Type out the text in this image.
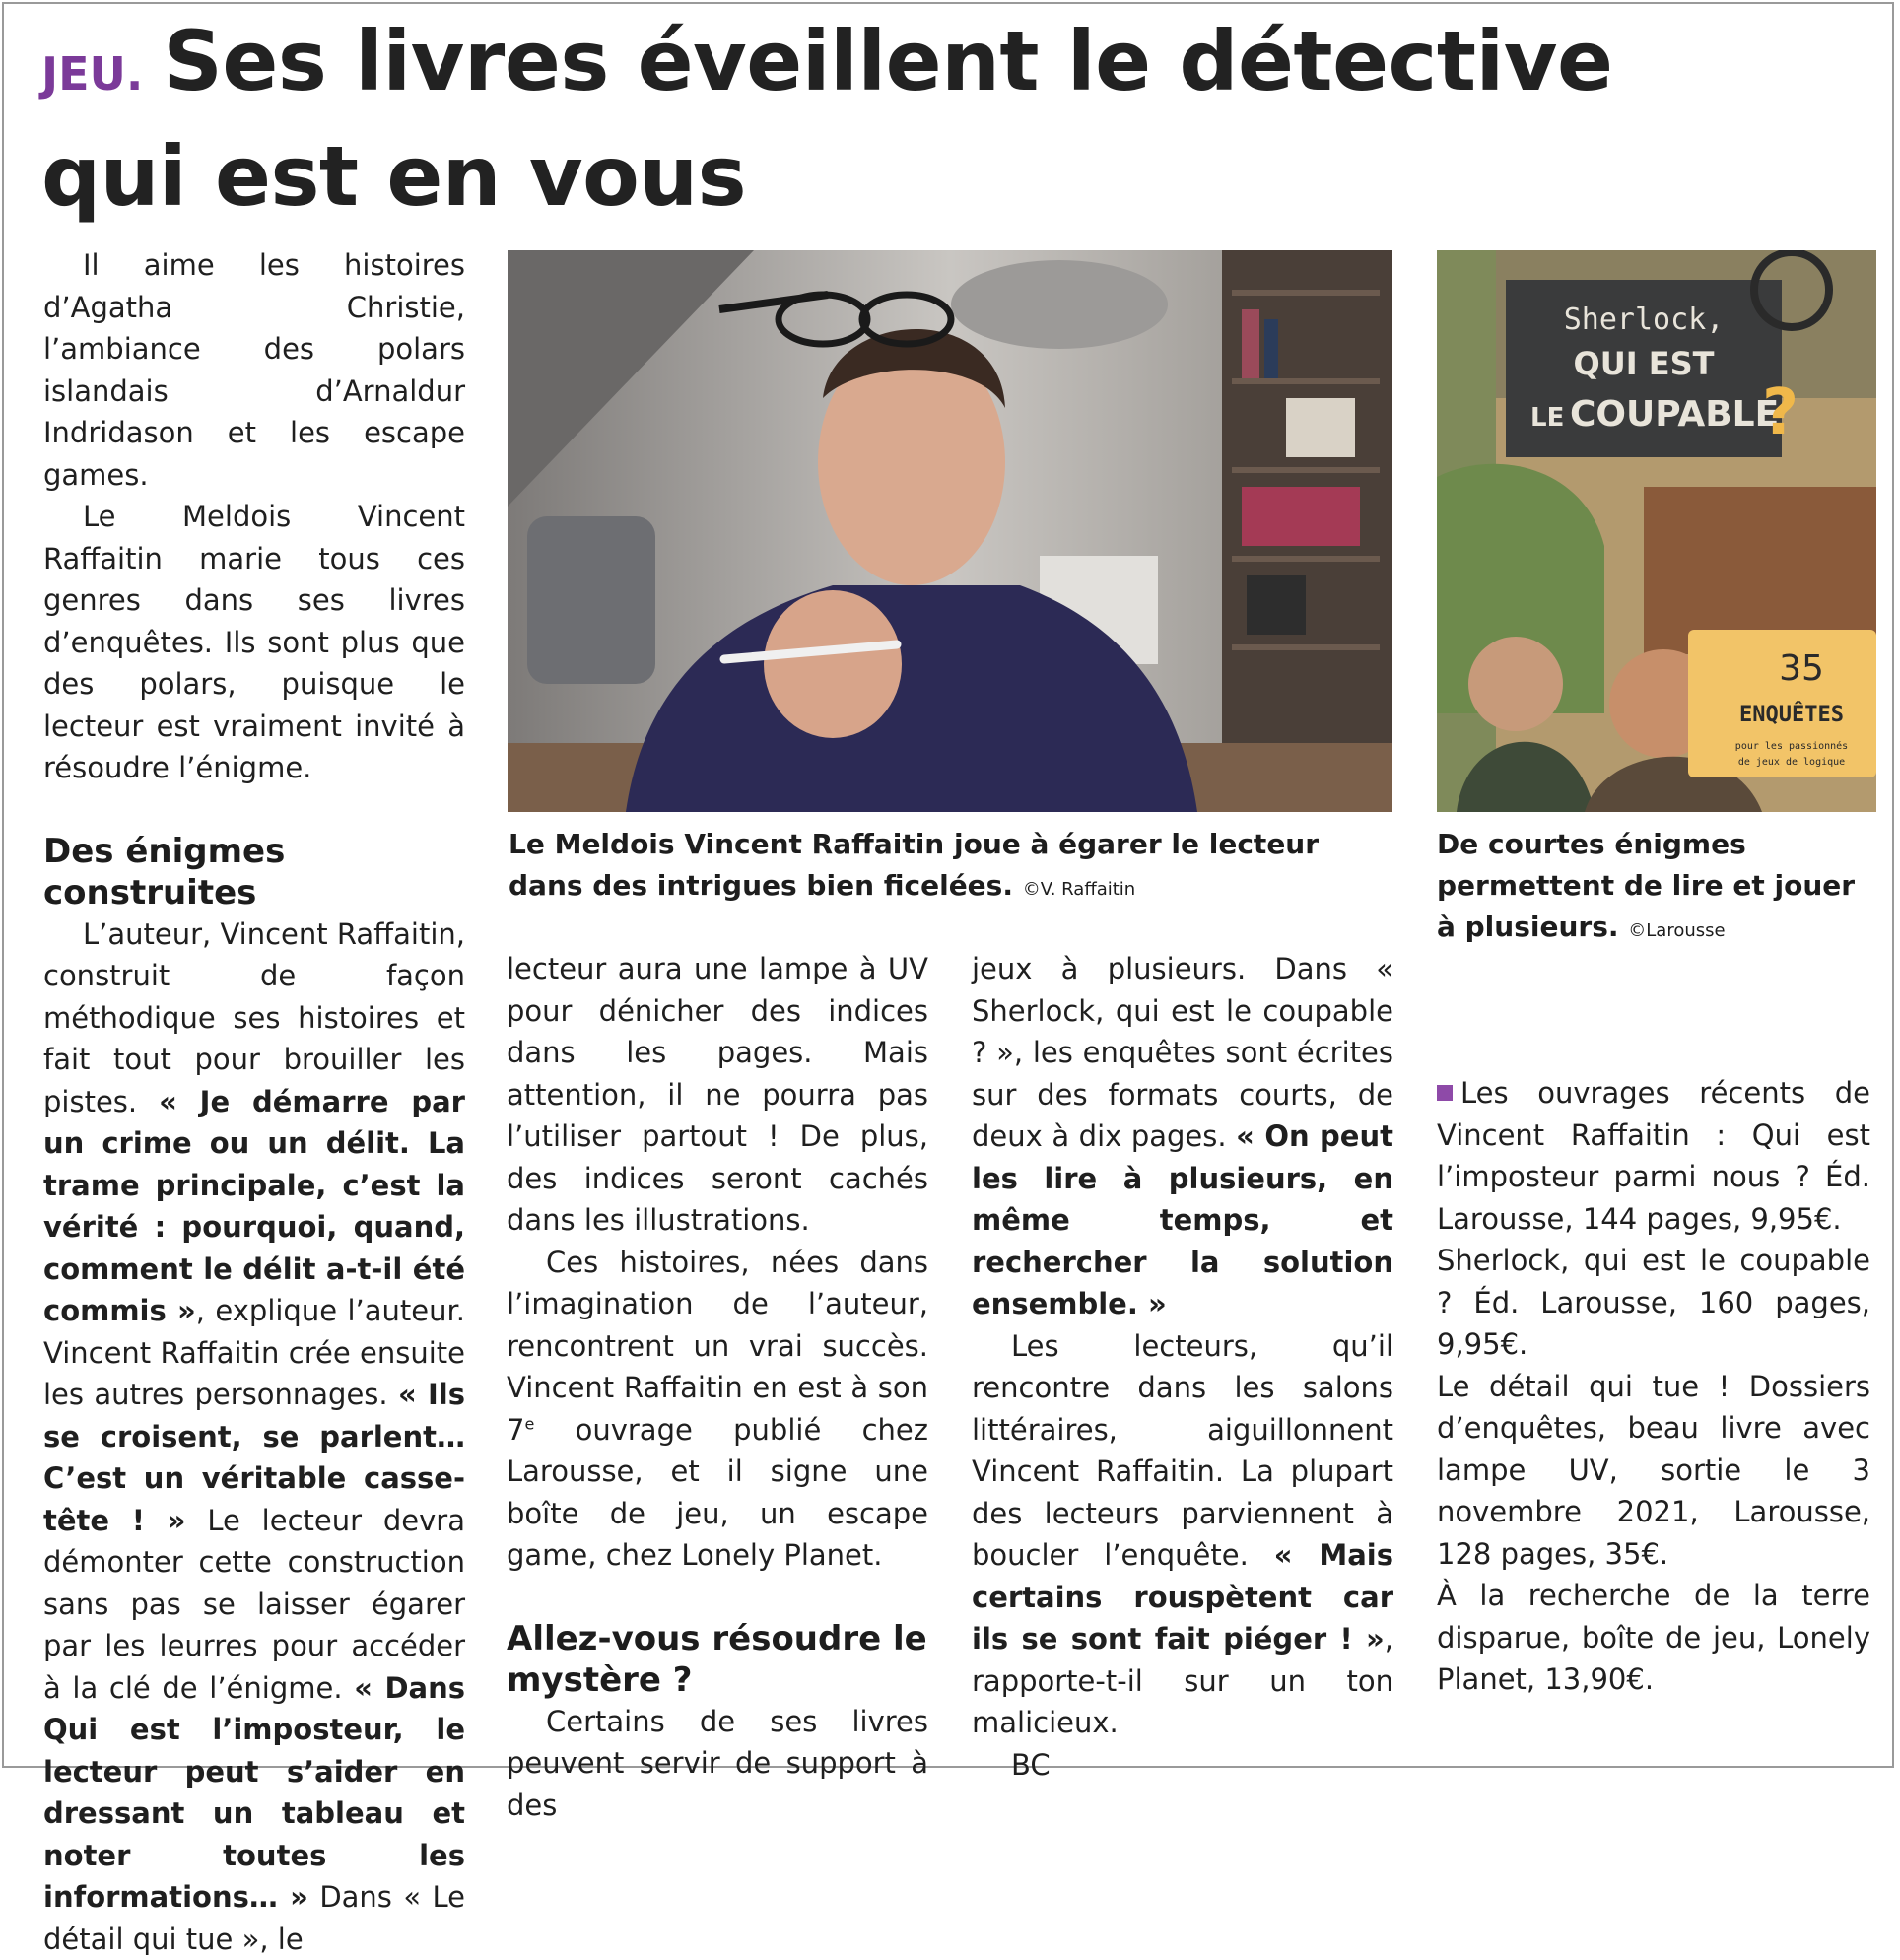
JEU. Ses livres éveillent le détective
qui est en vous

Il aime les histoires d’Agatha Christie, l’ambiance des polars islandais d’Arnaldur Indridason et les escape games.

Le Meldois Vincent Raffaitin marie tous ces genres dans ses livres d’enquêtes. Ils sont plus que des polars, puisque le lecteur est vraiment invité à résoudre l’énigme.

Des énigmes construites

L’auteur, Vincent Raffaitin, construit de façon méthodique ses histoires et fait tout pour brouiller les pistes. « Je démarre par un crime ou un délit. La trame principale, c’est la vérité : pourquoi, quand, comment le délit a-t-il été commis », explique l’auteur. Vincent Raffaitin crée ensuite les autres personnages. « Ils se croisent, se parlent… C’est un véritable casse-tête ! » Le lecteur devra démonter cette construction sans pas se laisser égarer par les leurres pour accéder à la clé de l’énigme. « Dans Qui est l’imposteur, le lecteur peut s’aider en dressant un tableau et noter toutes les informations… » Dans « Le détail qui tue », le

Le Meldois Vincent Raffaitin joue à égarer le lecteur dans des intrigues bien ficelées. ©V. Raffaitin
Sherlock,
QUI EST
LE COUPABLE
?
35
ENQUÊTES
pour les passionnés
de jeux de logique
De courtes énigmes permettent de lire et jouer à plusieurs. ©Larousse

lecteur aura une lampe à UV pour dénicher des indices dans les pages. Mais attention, il ne pourra pas l’utiliser partout ! De plus, des indices seront cachés dans les illustrations.

Ces histoires, nées dans l’imagination de l’auteur, rencontrent un vrai succès. Vincent Raffaitin en est à son 7e ouvrage publié chez Larousse, et il signe une boîte de jeu, un escape game, chez Lonely Planet.

Allez-vous résoudre le mystère ?

Certains de ses livres peuvent servir de support à des

jeux à plusieurs. Dans « Sherlock, qui est le coupable ? », les enquêtes sont écrites sur des formats courts, de deux à dix pages. « On peut les lire à plusieurs, en même temps, et rechercher la solution ensemble. »

Les lecteurs, qu’il rencontre dans les salons littéraires, aiguillonnent Vincent Raffaitin. La plupart des lecteurs parviennent à boucler l’enquête. « Mais certains rouspètent car ils se sont fait piéger ! », rapporte-t-il sur un ton malicieux.

BC

Les ouvrages récents de Vincent Raffaitin : Qui est l’imposteur parmi nous ? Éd. Larousse, 144 pages, 9,95€.

Sherlock, qui est le coupable ? Éd. Larousse, 160 pages, 9,95€.

Le détail qui tue ! Dossiers d’enquêtes, beau livre avec lampe UV, sortie le 3 novembre 2021, Larousse, 128 pages, 35€.

À la recherche de la terre disparue, boîte de jeu, Lonely Planet, 13,90€.
